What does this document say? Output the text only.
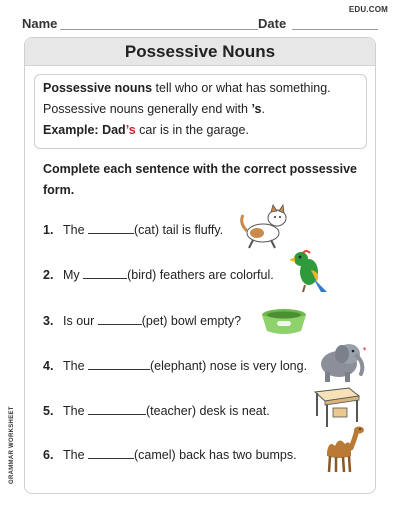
EDU.COM
Name	Date
Possessive Nouns

Possessive nouns tell who or what has something.

Possessive nouns generally end with ’s.

Example: Dad’s car is in the garage.

Complete each sentence with the correct possessive form.
1. The	(cat) tail is fluffy.
2. My	(bird) feathers are colorful.
3. Is our	(pet) bowl empty?
4. The	(elephant) nose is very long.
5. The	(teacher) desk is neat.
6. The	(camel) back has two bumps.
GRAMMAR WORKSHEET
